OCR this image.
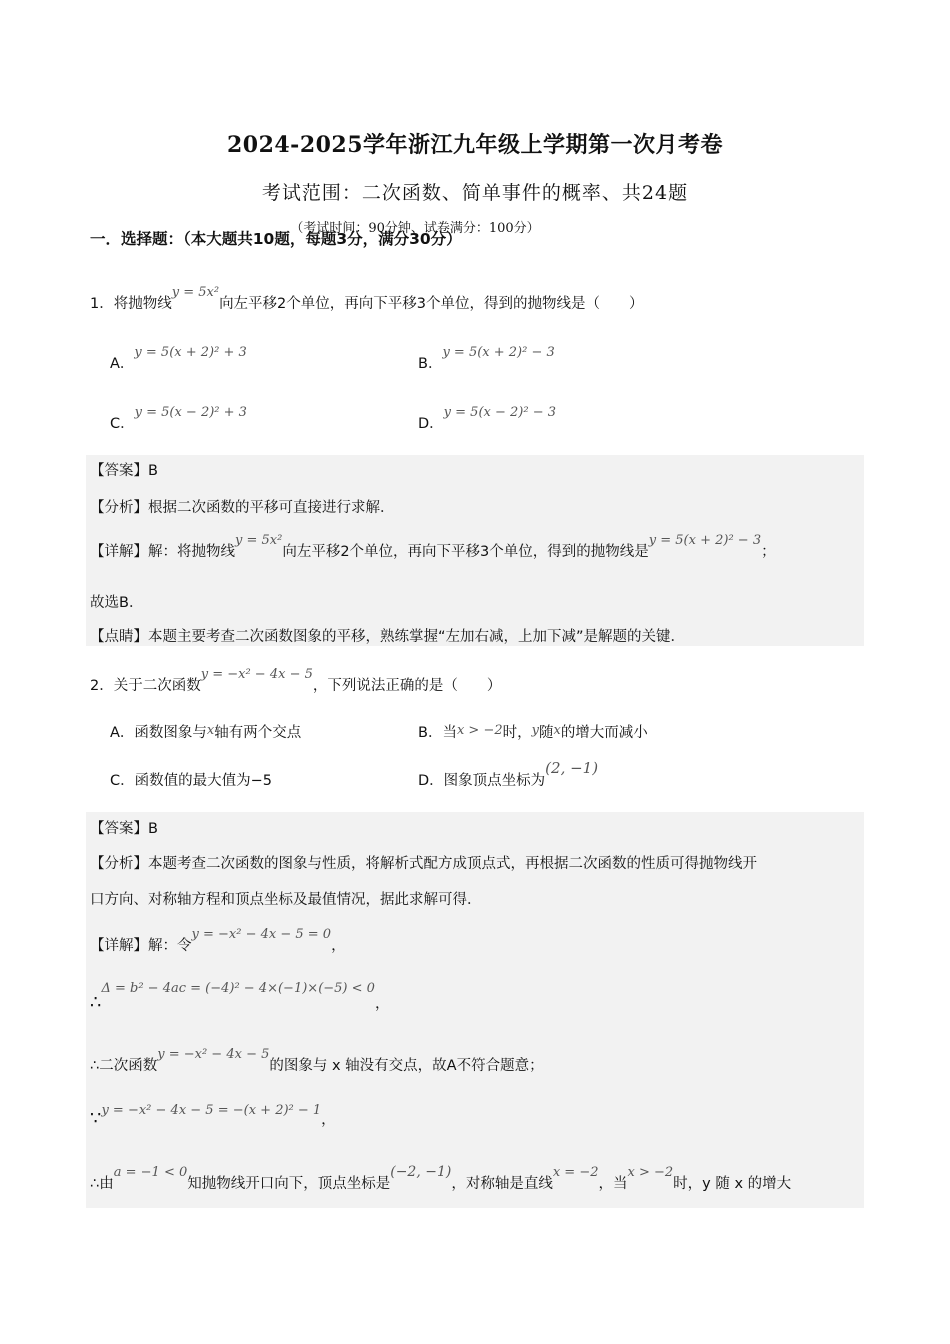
2024-2025学年浙江九年级上学期第一次月考卷
考试范围：二次函数、简单事件的概率、共24题
（考试时间：90分钟、试卷满分：100分）
一．选择题：（本大题共10题，每题3分，满分30分）
1．将抛物线y = 5x²向左平移2个单位，再向下平移3个单位，得到的抛物线是（　　）
A．y = 5(x + 2)² + 3
B．y = 5(x + 2)² − 3
C．y = 5(x − 2)² + 3
D．y = 5(x − 2)² − 3
【答案】B
【分析】根据二次函数的平移可直接进行求解．
【详解】解：将抛物线y = 5x²向左平移2个单位，再向下平移3个单位，得到的抛物线是y = 5(x + 2)² − 3；
故选B．
【点睛】本题主要考查二次函数图象的平移，熟练掌握“左加右减，上加下减”是解题的关键．
2．关于二次函数y = −x² − 4x − 5，下列说法正确的是（　　）
A．函数图象与x轴有两个交点	B．当x > −2时，y随x的增大而减小
C．函数值的最大值为−5	D．图象顶点坐标为(2, −1)
【答案】B
【分析】本题考查二次函数的图象与性质，将解析式配方成顶点式，再根据二次函数的性质可得抛物线开
口方向、对称轴方程和顶点坐标及最值情况，据此求解可得．
【详解】解：令y = −x² − 4x − 5 = 0，
∴Δ = b² − 4ac = (−4)² − 4×(−1)×(−5) < 0，
∴二次函数y = −x² − 4x − 5的图象与 x 轴没有交点，故A不符合题意；
∵y = −x² − 4x − 5 = −(x + 2)² − 1，
∴由a = −1 < 0知抛物线开口向下，顶点坐标是(−2, −1)，对称轴是直线x = −2，当x > −2时，y 随 x 的增大
